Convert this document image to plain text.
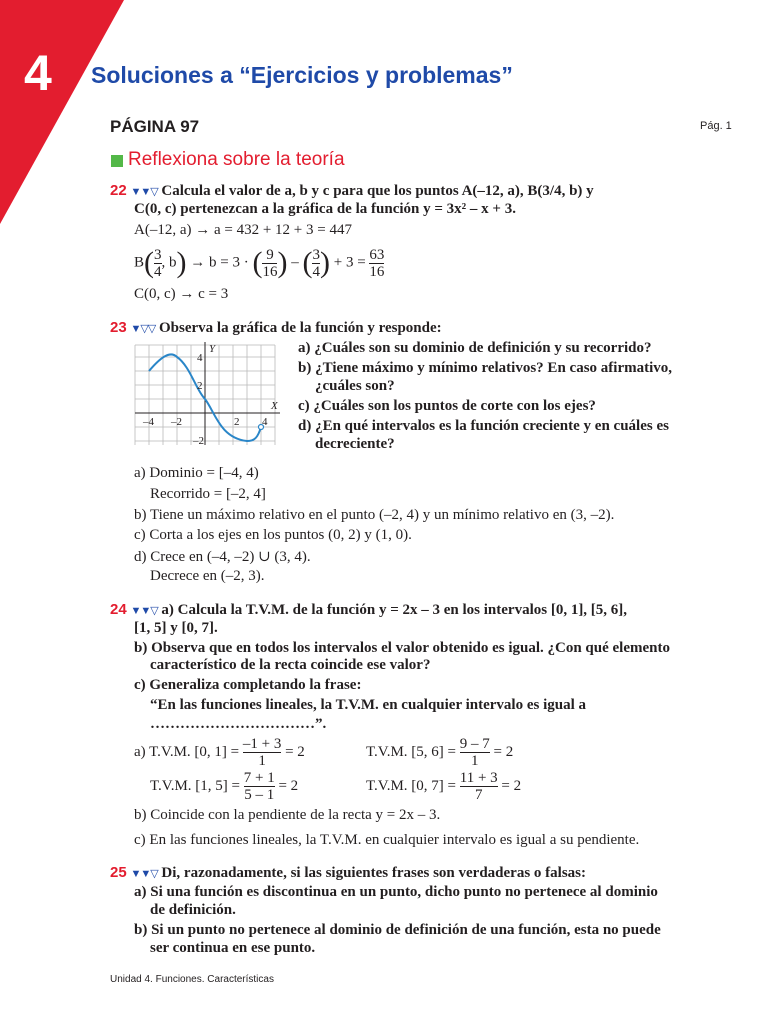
4 Soluciones a “Ejercicios y problemas”
PÁGINA 97	Pág. 1
Reflexiona sobre la teoría
22 ▼▼▽ Calcula el valor de a, b y c para que los puntos A(–12, a), B(3/4, b) y
C(0, c) pertenezcan a la gráfica de la función y = 3x² – x + 3.
A(–12, a) → a = 432 + 12 + 3 = 447
$B( \frac{3}{4}$ , b) → b = 3 · ( $\frac{9}{16}$ ) – ( $\frac{3}{4}$ ) + $3 = \frac{63}{16}$
C(0, c) → c = 3
23 ▼▽▽ Observa la gráfica de la función y responde:
X
Y
–4 –2	2 4
4
2
–2
a) ¿Cuáles son su dominio de definición y su recorrido?
b) ¿Tiene máximo y mínimo relativos? En caso afirmativo,
¿cuáles son?
c) ¿Cuáles son los puntos de corte con los ejes?
d) ¿En qué intervalos es la función creciente y en cuáles es
decreciente?
a) Dominio = [–4, 4)
Recorrido = [–2, 4]
b) Tiene un máximo relativo en el punto (–2, 4) y un mínimo relativo en (3, –2).
c) Corta a los ejes en los puntos (0, 2) y (1, 0).
d) Crece en (–4, –2) ∪ (3, 4).
Decrece en (–2, 3).
24 ▼▼▽ a) Calcula la T.V.M. de la función y = 2x – 3 en los intervalos [0, 1], [5, 6],
[1, 5] y [0, 7].
b) Observa que en todos los intervalos el valor obtenido es igual. ¿Con qué elemento
característico de la recta coincide ese valor?
c) Generaliza completando la frase:
“En las funciones lineales, la T.V.M. en cualquier intervalo es igual a
……………………………”.
a) T.V.M. [0, $1] = \frac{-1 + 3}{1} = 2$	T.V.M. [5, $6] = \frac{9 - 7}{1} = 2$
T.V.M. [1, $5] = \frac{7 + 1}{5 - 1} = 2$	T.V.M. [0, $7] = \frac{11 + 3}{7} = 2$
b) Coincide con la pendiente de la recta y = 2x – 3.
c) En las funciones lineales, la T.V.M. en cualquier intervalo es igual a su pendiente.
25 ▼▼▽ Di, razonadamente, si las siguientes frases son verdaderas o falsas:
a) Si una función es discontinua en un punto, dicho punto no pertenece al dominio
de definición.
b) Si un punto no pertenece al dominio de definición de una función, esta no puede
ser continua en ese punto.
Unidad 4. Funciones. Características
